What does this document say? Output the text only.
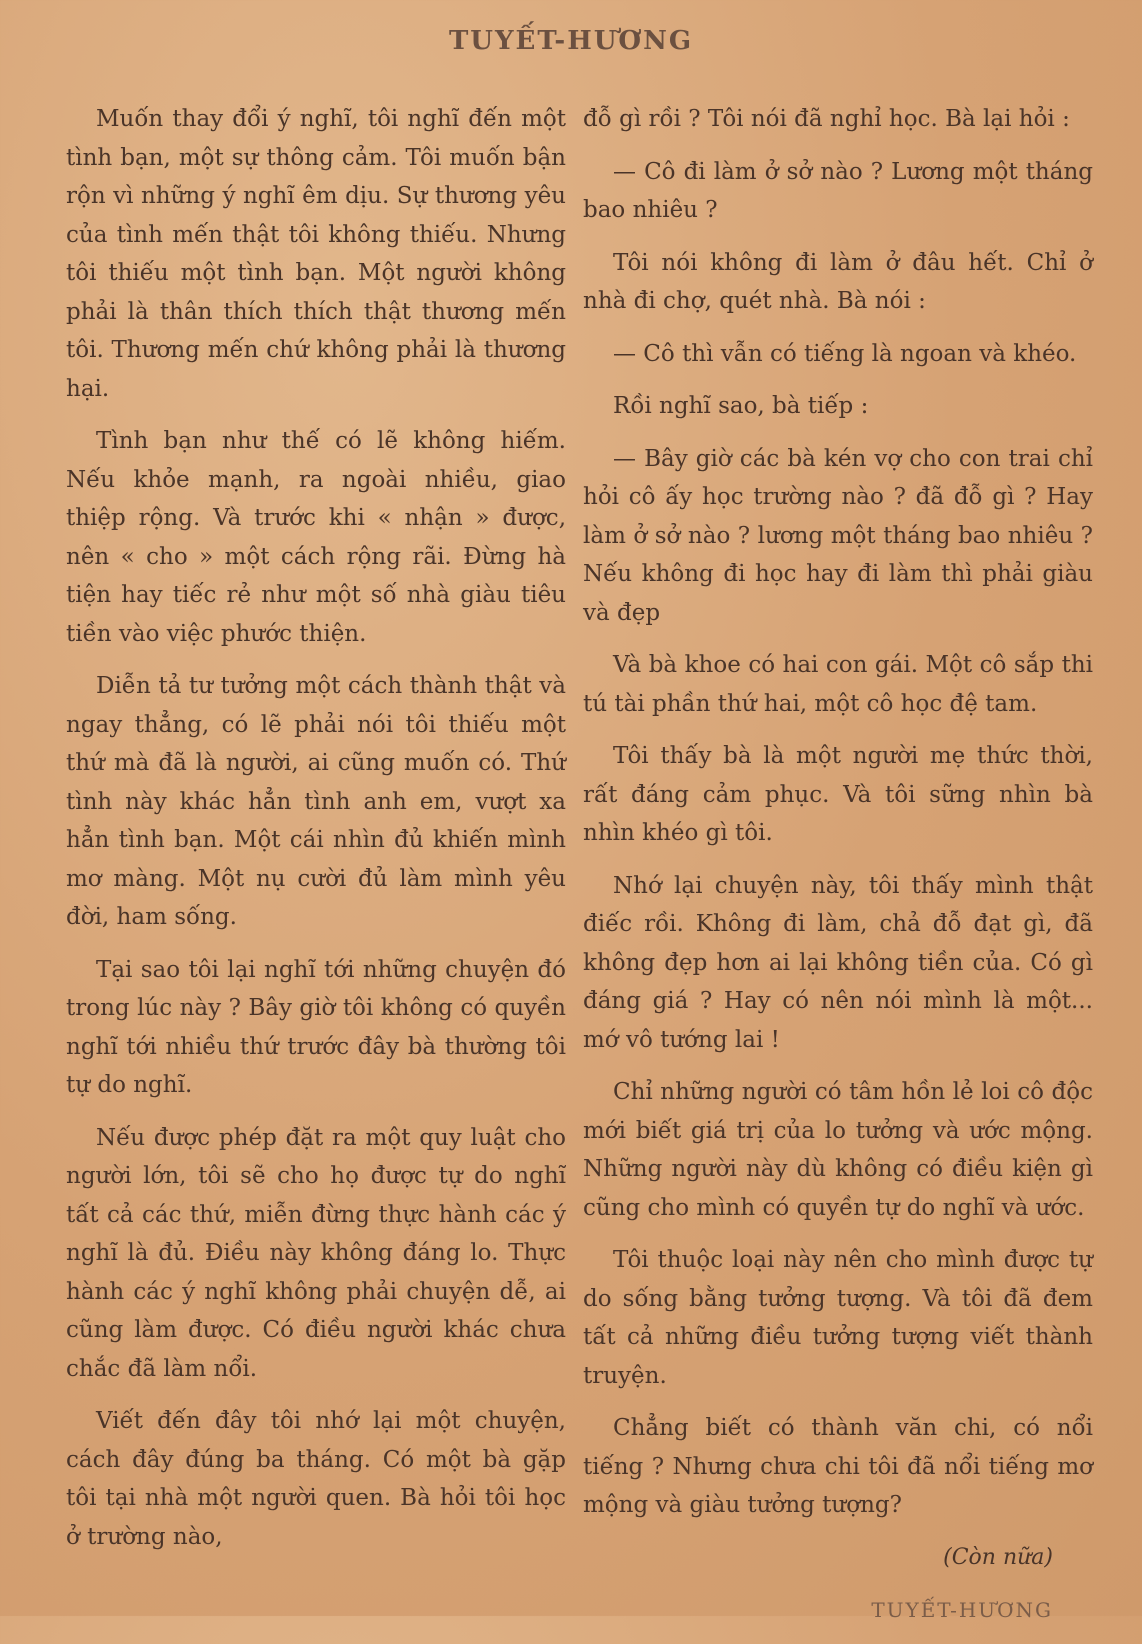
TUYẾT-HƯƠNG

Muốn thay đổi ý nghĩ, tôi nghĩ đến một tình bạn, một sự thông cảm. Tôi muốn bận rộn vì những ý nghĩ êm dịu. Sự thương yêu của tình mến thật tôi không thiếu. Nhưng tôi thiếu một tình bạn. Một người không phải là thân thích thích thật thương mến tôi. Thương mến chứ không phải là thương hại.

Tình bạn như thế có lẽ không hiếm. Nếu khỏe mạnh, ra ngoài nhiều, giao thiệp rộng. Và trước khi « nhận » được, nên « cho » một cách rộng rãi. Đừng hà tiện hay tiếc rẻ như một số nhà giàu tiêu tiền vào việc phước thiện.

Diễn tả tư tưởng một cách thành thật và ngay thẳng, có lẽ phải nói tôi thiếu một thứ mà đã là người, ai cũng muốn có. Thứ tình này khác hẳn tình anh em, vượt xa hẳn tình bạn. Một cái nhìn đủ khiến mình mơ màng. Một nụ cười đủ làm mình yêu đời, ham sống.

Tại sao tôi lại nghĩ tới những chuyện đó trong lúc này ? Bây giờ tôi không có quyền nghĩ tới nhiều thứ trước đây bà thường tôi tự do nghĩ.

Nếu được phép đặt ra một quy luật cho người lớn, tôi sẽ cho họ được tự do nghĩ tất cả các thứ, miễn đừng thực hành các ý nghĩ là đủ. Điều này không đáng lo. Thực hành các ý nghĩ không phải chuyện dễ, ai cũng làm được. Có điều người khác chưa chắc đã làm nổi.

Viết đến đây tôi nhớ lại một chuyện, cách đây đúng ba tháng. Có một bà gặp tôi tại nhà một người quen. Bà hỏi tôi học ở trường nào,

đỗ gì rồi ? Tôi nói đã nghỉ học. Bà lại hỏi :

— Cô đi làm ở sở nào ? Lương một tháng bao nhiêu ?

Tôi nói không đi làm ở đâu hết. Chỉ ở nhà đi chợ, quét nhà. Bà nói :

— Cô thì vẫn có tiếng là ngoan và khéo.

Rồi nghĩ sao, bà tiếp :

— Bây giờ các bà kén vợ cho con trai chỉ hỏi cô ấy học trường nào ? đã đỗ gì ? Hay làm ở sở nào ? lương một tháng bao nhiêu ? Nếu không đi học hay đi làm thì phải giàu và đẹp

Và bà khoe có hai con gái. Một cô sắp thi tú tài phần thứ hai, một cô học đệ tam.

Tôi thấy bà là một người mẹ thức thời, rất đáng cảm phục. Và tôi sững nhìn bà nhìn khéo gì tôi.

Nhớ lại chuyện này, tôi thấy mình thật điếc rồi. Không đi làm, chả đỗ đạt gì, đã không đẹp hơn ai lại không tiền của. Có gì đáng giá ? Hay có nên nói mình là một... mớ vô tướng lai !

Chỉ những người có tâm hồn lẻ loi cô độc mới biết giá trị của lo tưởng và ước mộng. Những người này dù không có điều kiện gì cũng cho mình có quyền tự do nghĩ và ước.

Tôi thuộc loại này nên cho mình được tự do sống bằng tưởng tượng. Và tôi đã đem tất cả những điều tưởng tượng viết thành truyện.

Chẳng biết có thành văn chi, có nổi tiếng ? Nhưng chưa chi tôi đã nổi tiếng mơ mộng và giàu tưởng tượng?

(Còn nữa)

TUYẾT-HƯƠNG
